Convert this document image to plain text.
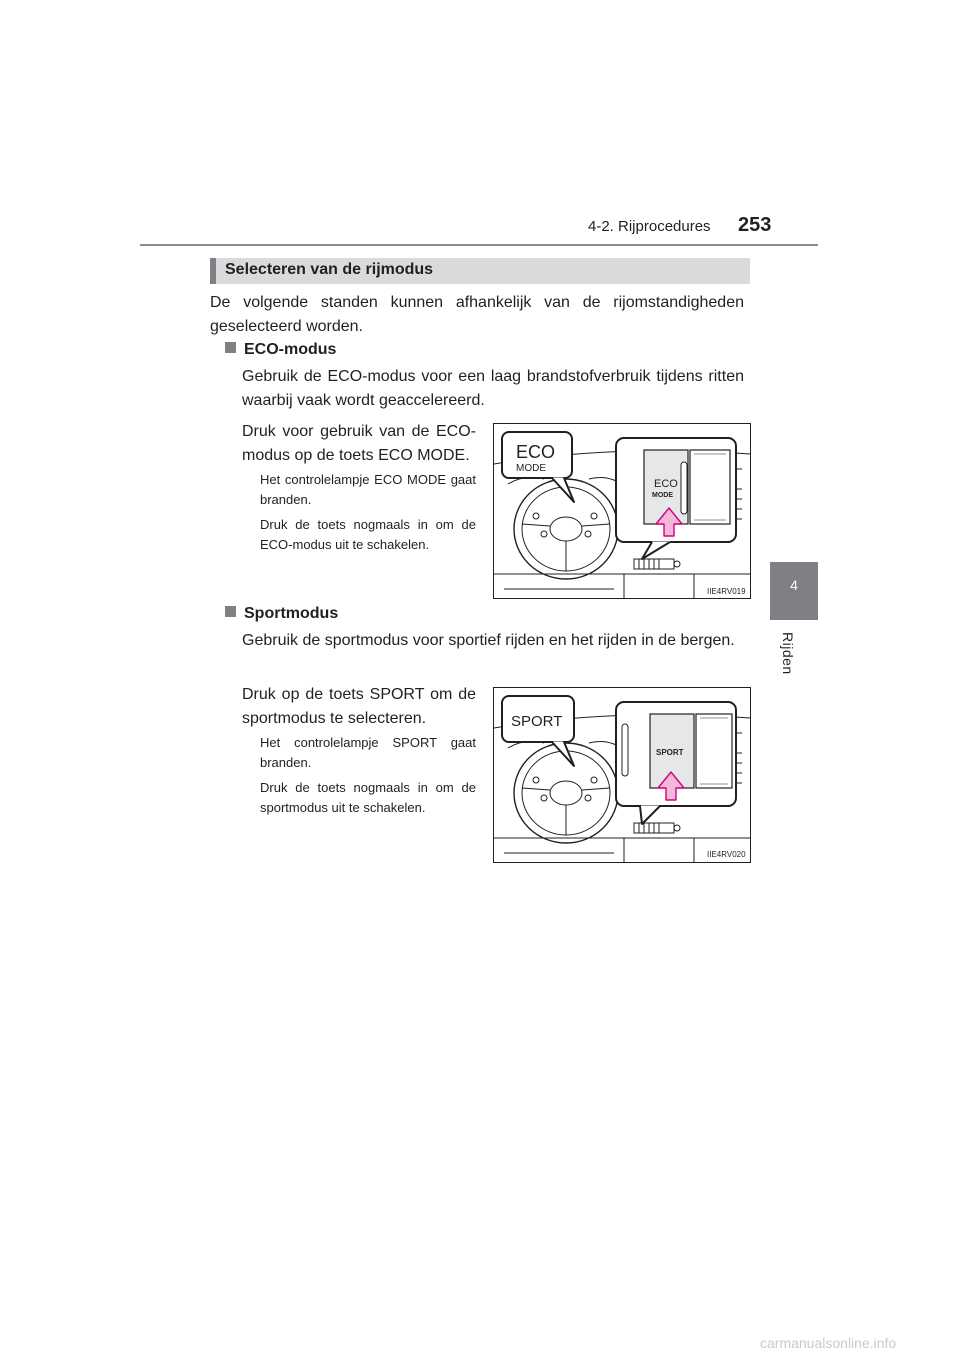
4-2. Rijprocedures 253
4
Rijden
Selecteren van de rijmodus
De volgende standen kunnen afhankelijk van de rijomstandigheden geselecteerd worden.
ECO-modus
Gebruik de ECO-modus voor een laag brandstofverbruik tijdens ritten waarbij vaak wordt geaccelereerd.
Druk voor gebruik van de ECO-modus op de toets ECO MODE.
Het controlelampje ECO MODE gaat branden.
Druk de toets nogmaals in om de ECO-modus uit te schakelen.
ECO
MODE
ECO
MODE
IIE4RV019
Sportmodus
Gebruik de sportmodus voor sportief rijden en het rijden in de bergen.
Druk op de toets SPORT om de sportmodus te selecteren.
Het controlelampje SPORT gaat branden.
Druk de toets nogmaals in om de sportmodus uit te schakelen.
SPORT
SPORT
IIE4RV020
carmanualsonline.info
